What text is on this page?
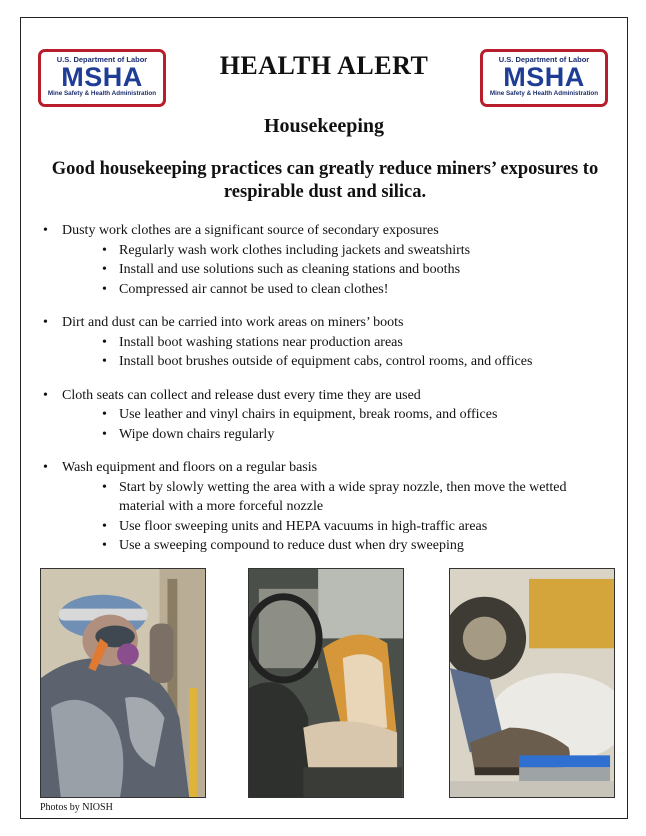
U.S. Department of Labor
MSHA
Mine Safety & Health Administration
HEALTH ALERT	U.S. Department of Labor
MSHA
Mine Safety & Health Administration
Housekeeping
Good housekeeping practices can greatly reduce miners’ exposures to respirable dust and silica.
• Dusty work clothes are a significant source of secondary exposures
• Regularly wash work clothes including jackets and sweatshirts
• Install and use solutions such as cleaning stations and booths
• Compressed air cannot be used to clean clothes!
• Dirt and dust can be carried into work areas on miners’ boots
• Install boot washing stations near production areas
• Install boot brushes outside of equipment cabs, control rooms, and offices
• Cloth seats can collect and release dust every time they are used
• Use leather and vinyl chairs in equipment, break rooms, and offices
• Wipe down chairs regularly
• Wash equipment and floors on a regular basis
• Start by slowly wetting the area with a wide spray nozzle, then move the wetted material with a more forceful nozzle
• Use floor sweeping units and HEPA vacuums in high-traffic areas
• Use a sweeping compound to reduce dust when dry sweeping
Photos by NIOSH
